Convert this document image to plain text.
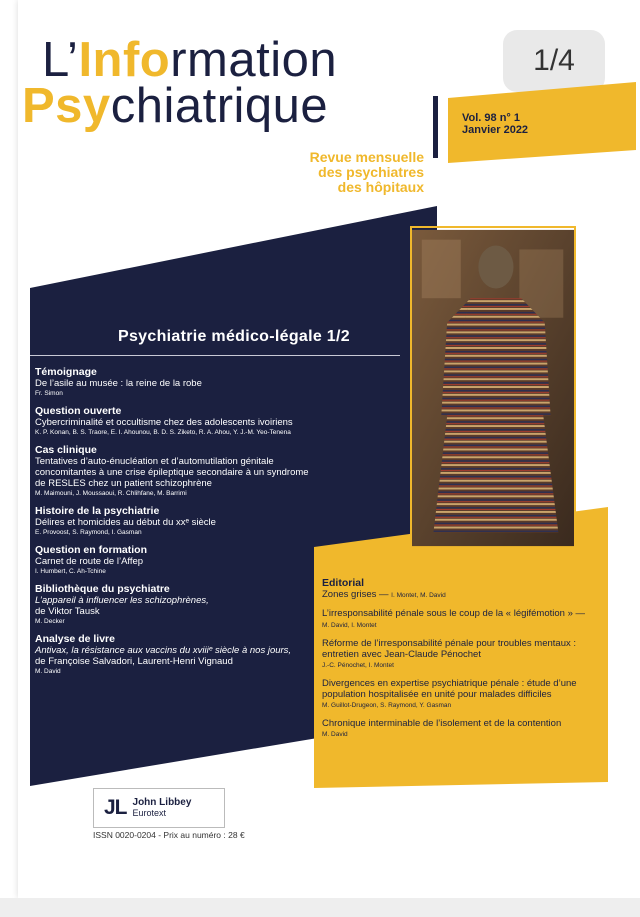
1/4
L’Information
Psychiatrique
Revue mensuelle
des psychiatres
des hôpitaux
Vol. 98 n° 1
Janvier 2022
Psychiatrie médico-légale 1/2
Témoignage
De l’asile au musée : la reine de la robe
Fr. Simon
Question ouverte
Cybercriminalité et occultisme chez des adolescents ivoiriens
K. P. Konan, B. S. Traore, E. I. Ahounou, B. D. S. Ziketo, R. A. Ahou, Y. J.-M. Yeo-Tenena
Cas clinique
Tentatives d’auto-énucléation et d’automutilation génitale concomitantes à une crise épileptique secondaire à un syndrome de RESLES chez un patient schizophrène
M. Maimouni, J. Moussaoui, R. Chlihfane, M. Barrimi
Histoire de la psychiatrie
Délires et homicides au début du xxᵉ siècle
E. Provoost, S. Raymond, I. Gasman
Question en formation
Carnet de route de l’Affep
I. Humbert, C. Ah-Tchine
Bibliothèque du psychiatre
L’appareil à influencer les schizophrènes,
de Viktor Tausk
M. Decker
Analyse de livre
Antivax, la résistance aux vaccins du xviiiᵉ siècle à nos jours,
de Françoise Salvadori, Laurent-Henri Vignaud
M. David
Editorial
Zones grises — I. Montet, M. David
L’irresponsabilité pénale sous le coup de la « légifémotion » — M. David, I. Montet
Réforme de l’irresponsabilité pénale pour troubles mentaux : entretien avec Jean-Claude Pénochet
J.-C. Pénochet, I. Montet
Divergences en expertise psychiatrique pénale : étude d’une population hospitalisée en unité pour malades difficiles
M. Guillot-Drugeon, S. Raymond, Y. Gasman
Chronique interminable de l’isolement et de la contention
M. David
JL John Libbey
Eurotext
ISSN 0020-0204 - Prix au numéro : 28 €
